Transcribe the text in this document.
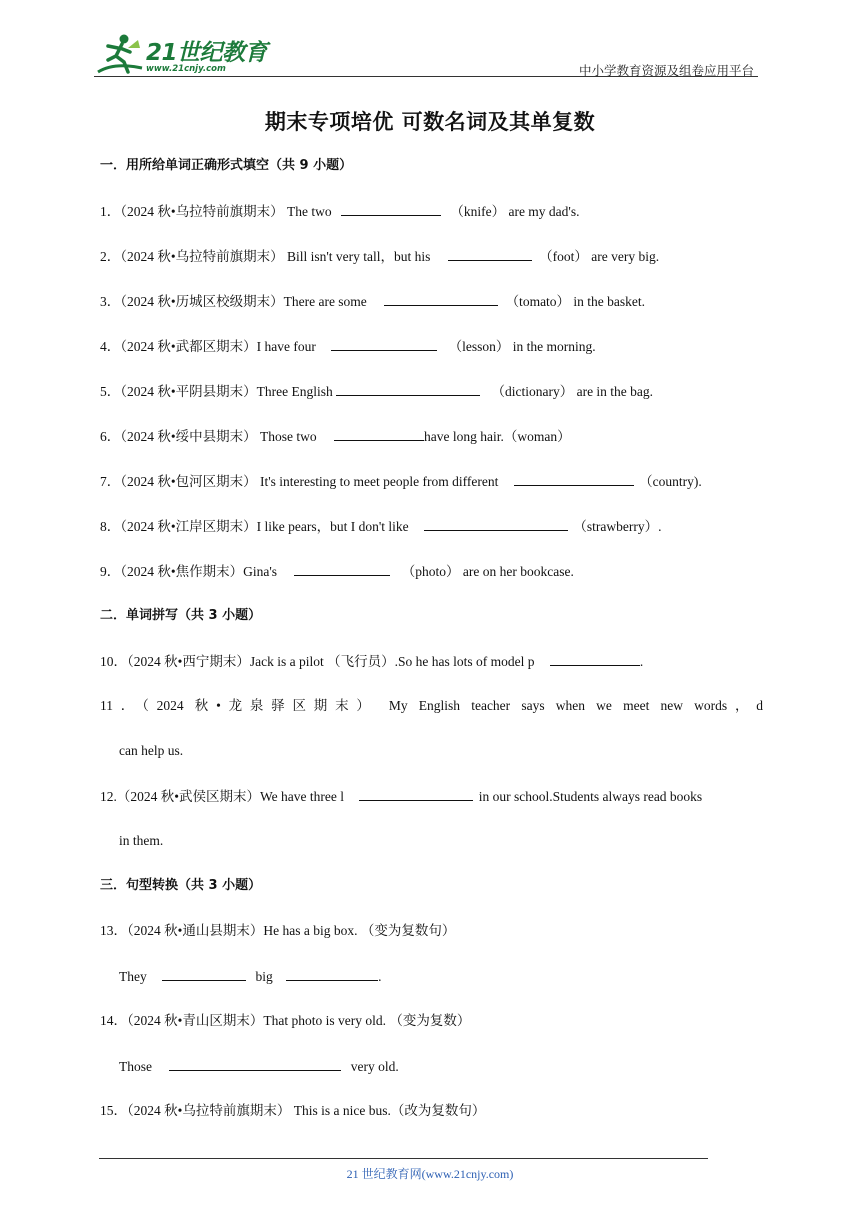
21世纪教育
www.21cnjy.com	中小学教育资源及组卷应用平台
期末专项培优 可数名词及其单复数
一．用所给单词正确形式填空（共 9 小题）
1．（2024 秋•乌拉特前旗期末） The two	（knife） are my dad's.
2．（2024 秋•乌拉特前旗期末） Bill isn't very tall，but his	（foot） are very big.
3．（2024 秋•历城区校级期末）There are some	（tomato） in the basket.
4．（2024 秋•武都区期末）I have four	（lesson） in the morning.
5．（2024 秋•平阴县期末）Three English	（dictionary） are in the bag.
6．（2024 秋•绥中县期末） Those two	have long hair.（woman）
7．（2024 秋•包河区期末） It's interesting to meet people from different	（country).
8．（2024 秋•江岸区期末）I like pears，but I don't like	（strawberry）.
9．（2024 秋•焦作期末）Gina's	（photo） are on her bookcase.
二．单词拼写（共 3 小题）
10．（2024 秋•西宁期末）Jack is a pilot （飞行员）.So he has lots of model p	.
11．（2024 秋•龙泉驿区期末） My English teacher says when we meet new words，d
can help us.
12.（2024 秋•武侯区期末）We have three l	in our school.Students always read books
in them.
三．句型转换（共 3 小题）
13．（2024 秋•通山县期末）He has a big box. （变为复数句）
They	big	.
14．（2024 秋•青山区期末）That photo is very old. （变为复数）
Those	very old.
15．（2024 秋•乌拉特前旗期末） This is a nice bus.（改为复数句）
21 世纪教育网(www.21cnjy.com)
